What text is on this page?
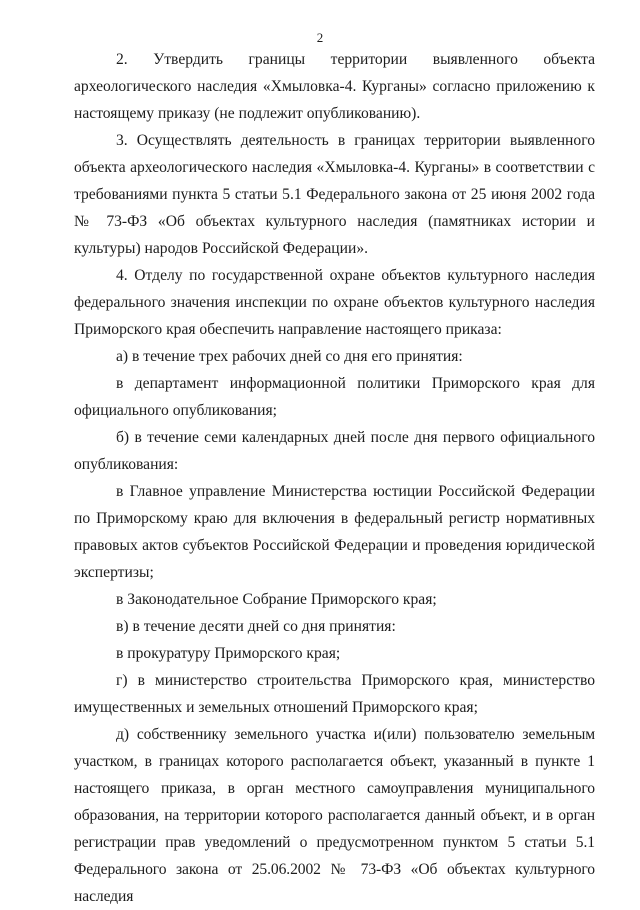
2

2. Утвердить границы территории выявленного объекта археологического наследия «Хмыловка-4. Курганы» согласно приложению к настоящему приказу (не подлежит опубликованию).

3. Осуществлять деятельность в границах территории выявленного объекта археологического наследия «Хмыловка-4. Курганы» в соответствии с требованиями пункта 5 статьи 5.1 Федерального закона от 25 июня 2002 года № 73-ФЗ «Об объектах культурного наследия (памятниках истории и культуры) народов Российской Федерации».

4. Отделу по государственной охране объектов культурного наследия федерального значения инспекции по охране объектов культурного наследия Приморского края обеспечить направление настоящего приказа:

а) в течение трех рабочих дней со дня его принятия:

в департамент информационной политики Приморского края для официального опубликования;

б) в течение семи календарных дней после дня первого официального опубликования:

в Главное управление Министерства юстиции Российской Федерации по Приморскому краю для включения в федеральный регистр нормативных правовых актов субъектов Российской Федерации и проведения юридической экспертизы;

в Законодательное Собрание Приморского края;

в) в течение десяти дней со дня принятия:

в прокуратуру Приморского края;

г) в министерство строительства Приморского края, министерство имущественных и земельных отношений Приморского края;

д) собственнику земельного участка и(или) пользователю земельным участком, в границах которого располагается объект, указанный в пункте 1 настоящего приказа, в орган местного самоуправления муниципального образования, на территории которого располагается данный объект, и в орган регистрации прав уведомлений о предусмотренном пунктом 5 статьи 5.1 Федерального закона от 25.06.2002 № 73-ФЗ «Об объектах культурного наследия
